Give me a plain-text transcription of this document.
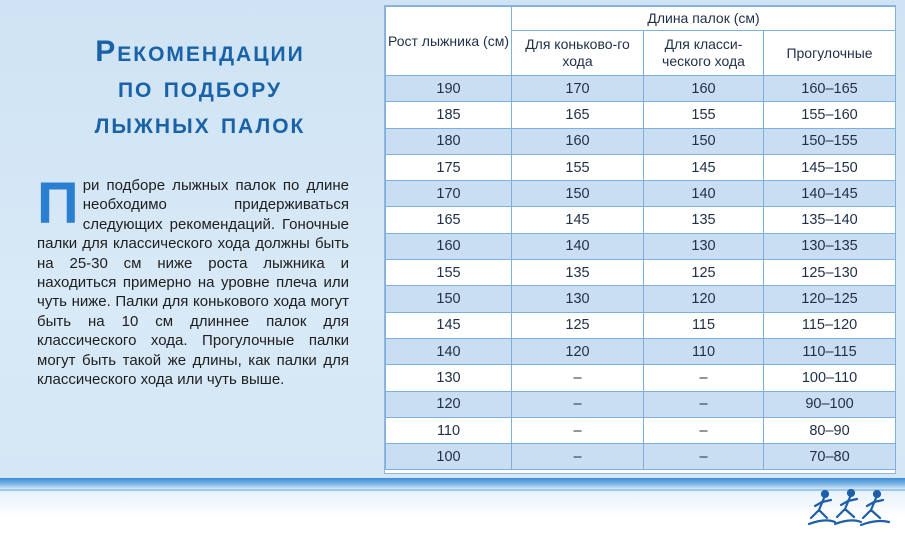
Рекомендации
по подбору
лыжных палок
При подборе лыжных палок по длине необходимо придерживаться следующих рекомендаций. Гоночные палки для классического хода должны быть на 25-30 см ниже роста лыжника и находиться примерно на уровне плеча или чуть ниже. Палки для конькового хода могут быть на 10 см длиннее палок для классического хода. Прогулочные палки могут быть такой же длины, как палки для классического хода или чуть выше.
Рост лыжника (см)	Длина палок (см)		
	Для коньково-го хода	Для класси-ческого хода	Прогулочные
190	170	160	160–165
185	165	155	155–160
180	160	150	150–155
175	155	145	145–150
170	150	140	140–145
165	145	135	135–140
160	140	130	130–135
155	135	125	125–130
150	130	120	120–125
145	125	115	115–120
140	120	110	110–115
130	–	–	100–110
120	–	–	90–100
110	–	–	80–90
100	–	–	70–80
